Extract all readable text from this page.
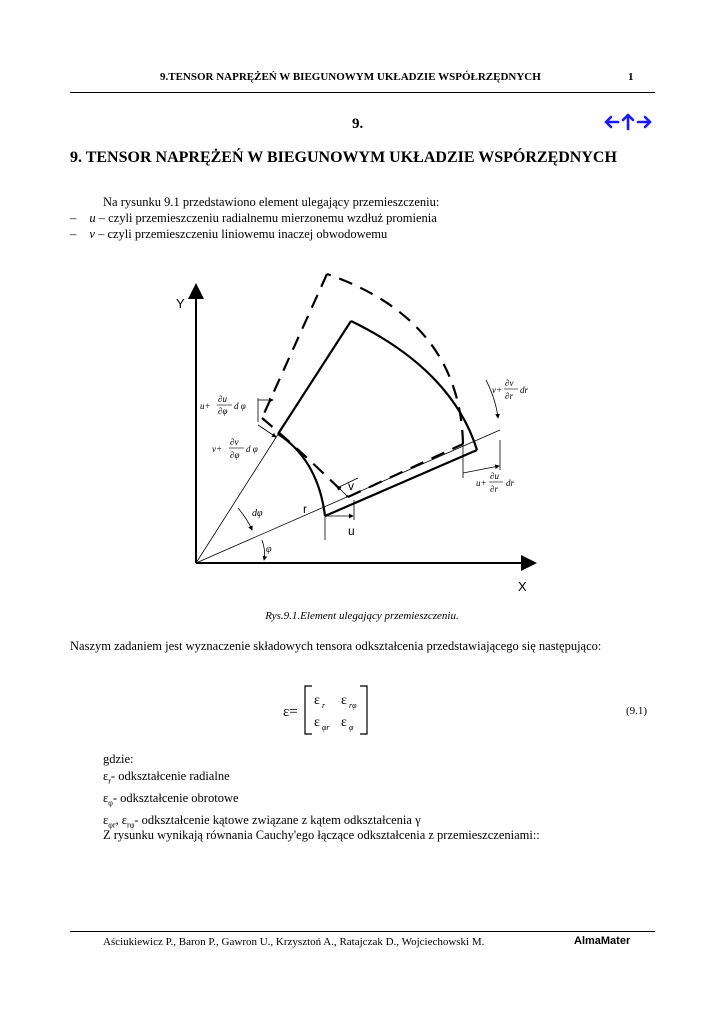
9.TENSOR NAPRĘŻEŃ W BIEGUNOWYM UKŁADZIE WSPÓŁRZĘDNYCH	1
9.
9. TENSOR NAPRĘŻEŃ W BIEGUNOWYM UKŁADZIE WSPÓRZĘDNYCH
Na rysunku 9.1 przedstawiono element ulegający przemieszczeniu:
– u – czyli przemieszczeniu radialnemu mierzonemu wzdłuż promienia
– v – czyli przemieszczeniu liniowemu inaczej obwodowemu
Y
X
u+
∂u
∂φ d φ
v+
∂v
∂φ
d φ
v+
∂v
∂r
dr
u+
∂u
∂r
dr
dφ
φ
r
v
u
Rys.9.1.Element ulegający przemieszczeniu.
Naszym zadaniem jest wyznaczenie składowych tensora odkształcenia przedstawiającego się następująco:
ε=
ε r ε rφ
ε φr ε φ
(9.1)
gdzie:
$\varepsilon_r-$ odkształcenie radialne
$\varepsilon_\varphi-$ odkształcenie obrotowe
$\varepsilon_{\varphi r}$, $\varepsilon_{r\varphi}-$ odkształcenie kątowe związane z kątem odkształcenia γ
Z rysunku wynikają równania Cauchy'ego łączące odkształcenia z przemieszczeniami::
Aściukiewicz P., Baron P., Gawron U., Krzysztoń A., Ratajczak D., Wojciechowski M.	AlmaMater
